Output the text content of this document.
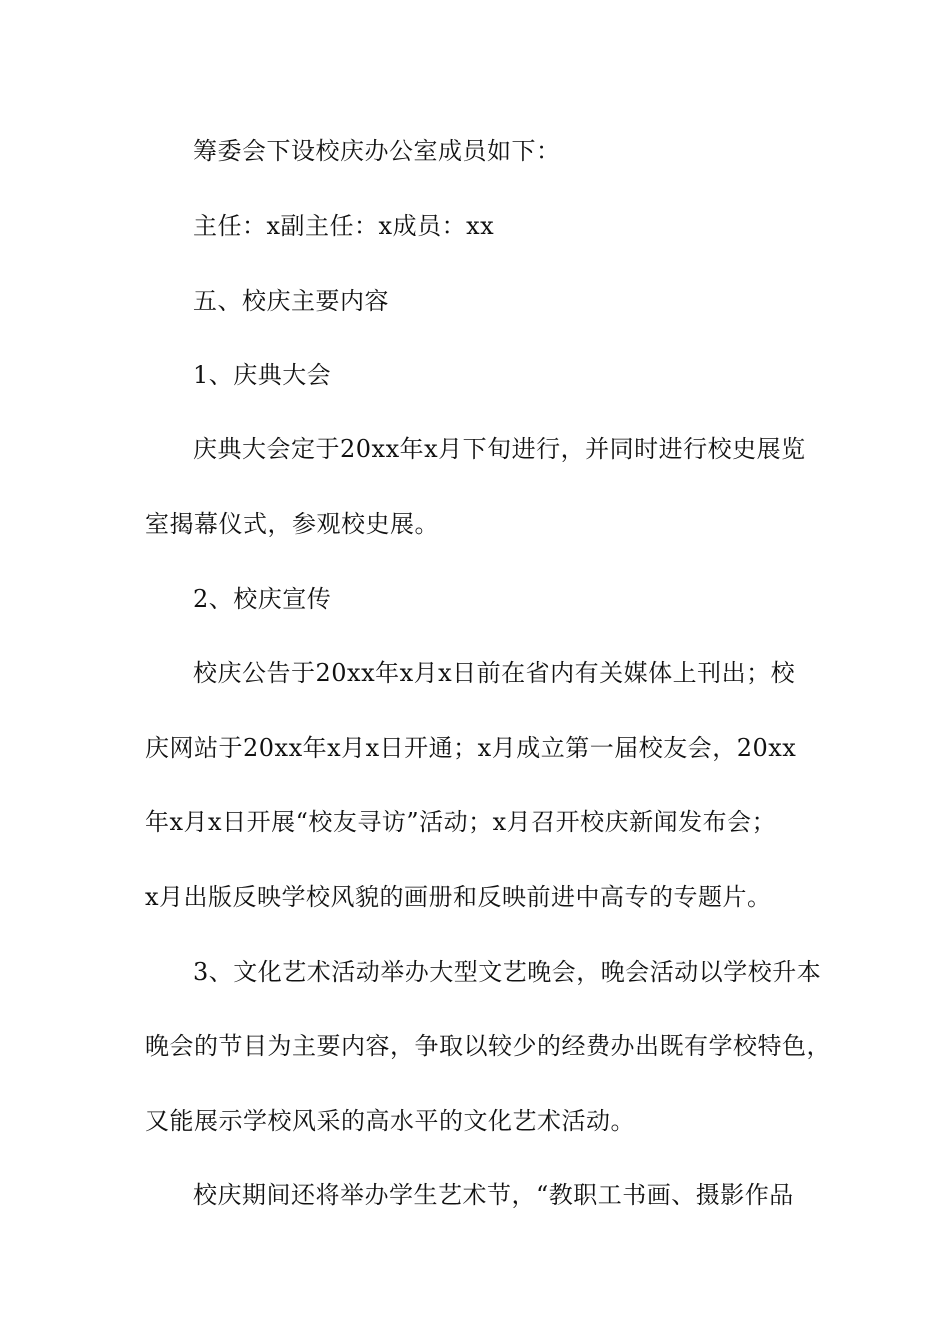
筹委会下设校庆办公室成员如下：
主任：x副主任：x成员：xx
五、校庆主要内容
1、庆典大会
庆典大会定于20xx年x月下旬进行，并同时进行校史展览
室揭幕仪式，参观校史展。
2、校庆宣传
校庆公告于20xx年x月x日前在省内有关媒体上刊出；校
庆网站于20xx年x月x日开通；x月成立第一届校友会，20xx
年x月x日开展“校友寻访”活动；x月召开校庆新闻发布会；
x月出版反映学校风貌的画册和反映前进中高专的专题片。
3、文化艺术活动举办大型文艺晚会，晚会活动以学校升本
晚会的节目为主要内容，争取以较少的经费办出既有学校特色，
又能展示学校风采的高水平的文化艺术活动。
校庆期间还将举办学生艺术节，“教职工书画、摄影作品
